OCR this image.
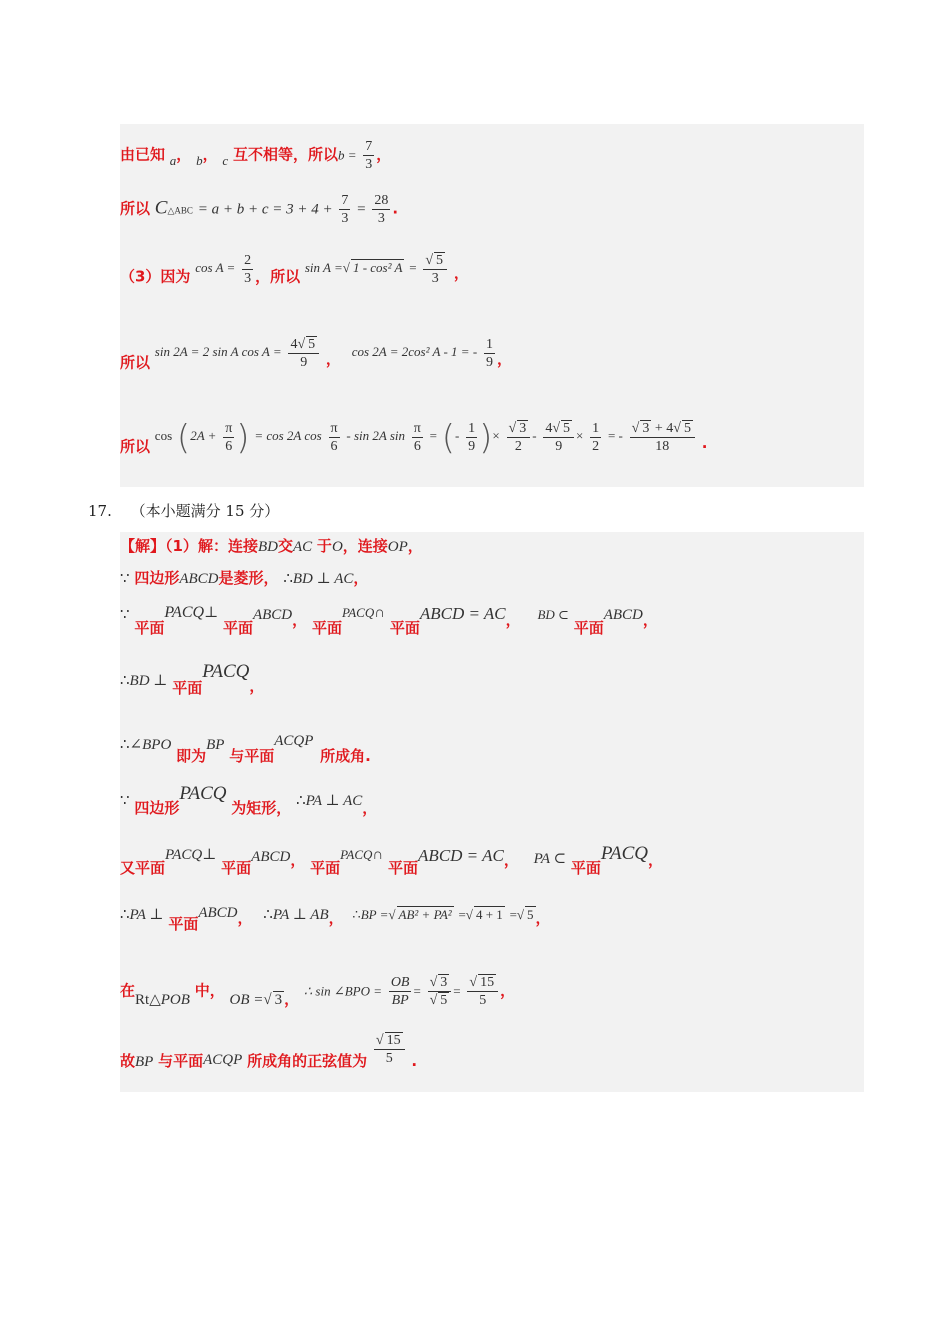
由已知 a， b， c 互不相等，所以$b = \frac{7}{3}$ ，
所以 C△ABC = $a + b + c = 3 + 4 + \frac{7}{3} = \frac{28}{3}$ .
（3）因为 $\cos A = \frac{2}{3}$ ，所以 sin A =√ 1 - cos² $A = \frac{√ 5}{3}$ ，
所以 sin 2A = 2 sin A $\cos A = \frac{4√ 5}{9}$ ， cos 2A = 2cos² A - 1 = - $\frac{1}{9}$ ，
所以 $\cos (2A + \frac{\pi}{6}$ ) = cos 2A $\cos \frac{\pi}{6}$ - sin 2A $\sin \frac{\pi}{6}$ = (- $\frac{1}{9}$ )× $\frac{√ 3}{2} - \frac{4√ 5}{9} \times \frac{1}{2}$ = - $\frac{√ 3 + 4√ 5}{18}$ .
17. （本小题满分 15 分）
【解】（1）解：连接BD交AC 于O，连接OP，
∵ 四边形ABCD是菱形， ∴BD ⊥ AC，
∵ 平面PACQ⊥ 平面ABCD， 平面PACQ∩ 平面ABCD = AC， BD ⊂ 平面ABCD，
∴BD ⊥ 平面PACQ，
∴∠BPO 即为BP 与平面ACQP 所成角.
∵ 四边形PACQ 为矩形， ∴PA ⊥ AC，
又平面PACQ⊥ 平面ABCD， 平面PACQ∩ 平面ABCD = AC， PA ⊂ 平面PACQ，
∴PA ⊥ 平面ABCD， ∴PA ⊥ AB， ∴BP =√ AB² + PA² =√ 4 + 1 =√ 5 ，
在Rt△POB 中， OB =√ 3 ， ∴ sin ∠BPO = $\frac{OB}{BP} = \frac{√ 3}{√ 5} = \frac{√ 15}{5}$ ，
故BP 与平面ACQP 所成角的正弦值为 $\frac{√ 15}{5}$ .
